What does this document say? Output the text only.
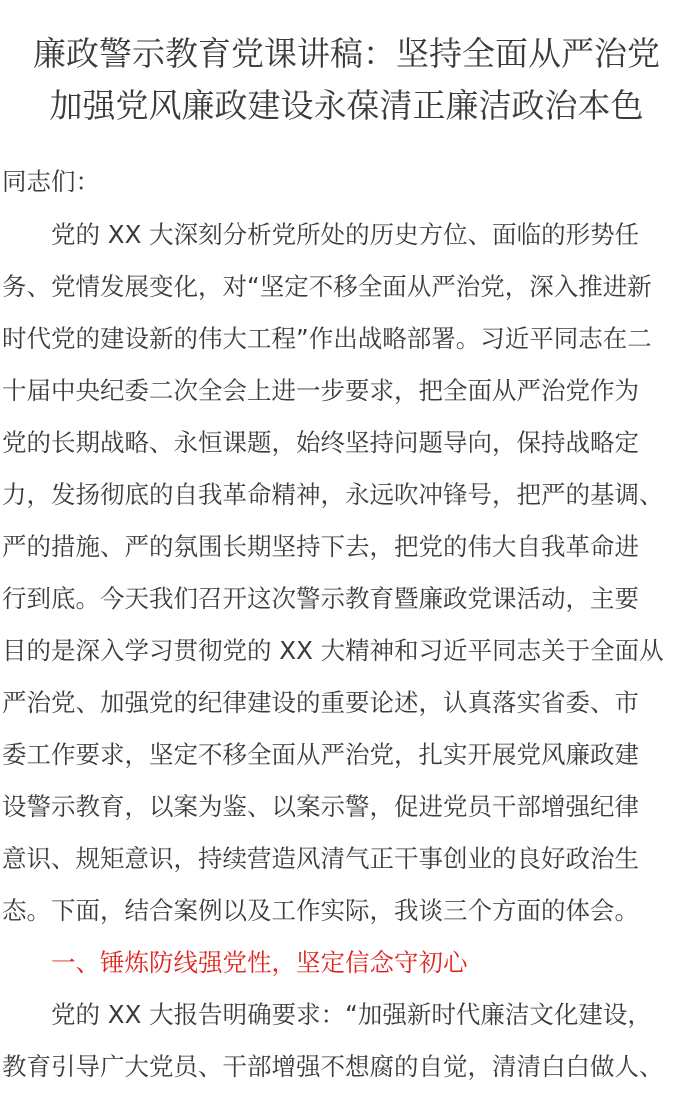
廉政警示教育党课讲稿：坚持全面从严治党
加强党风廉政建设永葆清正廉洁政治本色
同志们：
　　党的 XX 大深刻分析党所处的历史方位、面临的形势任
务、党情发展变化，对“坚定不移全面从严治党，深入推进新
时代党的建设新的伟大工程”作出战略部署。习近平同志在二
十届中央纪委二次全会上进一步要求，把全面从严治党作为
党的长期战略、永恒课题，始终坚持问题导向，保持战略定
力，发扬彻底的自我革命精神，永远吹冲锋号，把严的基调、
严的措施、严的氛围长期坚持下去，把党的伟大自我革命进
行到底。今天我们召开这次警示教育暨廉政党课活动，主要
目的是深入学习贯彻党的 XX 大精神和习近平同志关于全面从
严治党、加强党的纪律建设的重要论述，认真落实省委、市
委工作要求，坚定不移全面从严治党，扎实开展党风廉政建
设警示教育，以案为鉴、以案示警，促进党员干部增强纪律
意识、规矩意识，持续营造风清气正干事创业的良好政治生
态。下面，结合案例以及工作实际，我谈三个方面的体会。
　　一、锤炼防线强党性，坚定信念守初心
　　党的 XX 大报告明确要求：“加强新时代廉洁文化建设，
教育引导广大党员、干部增强不想腐的自觉，清清白白做人、
